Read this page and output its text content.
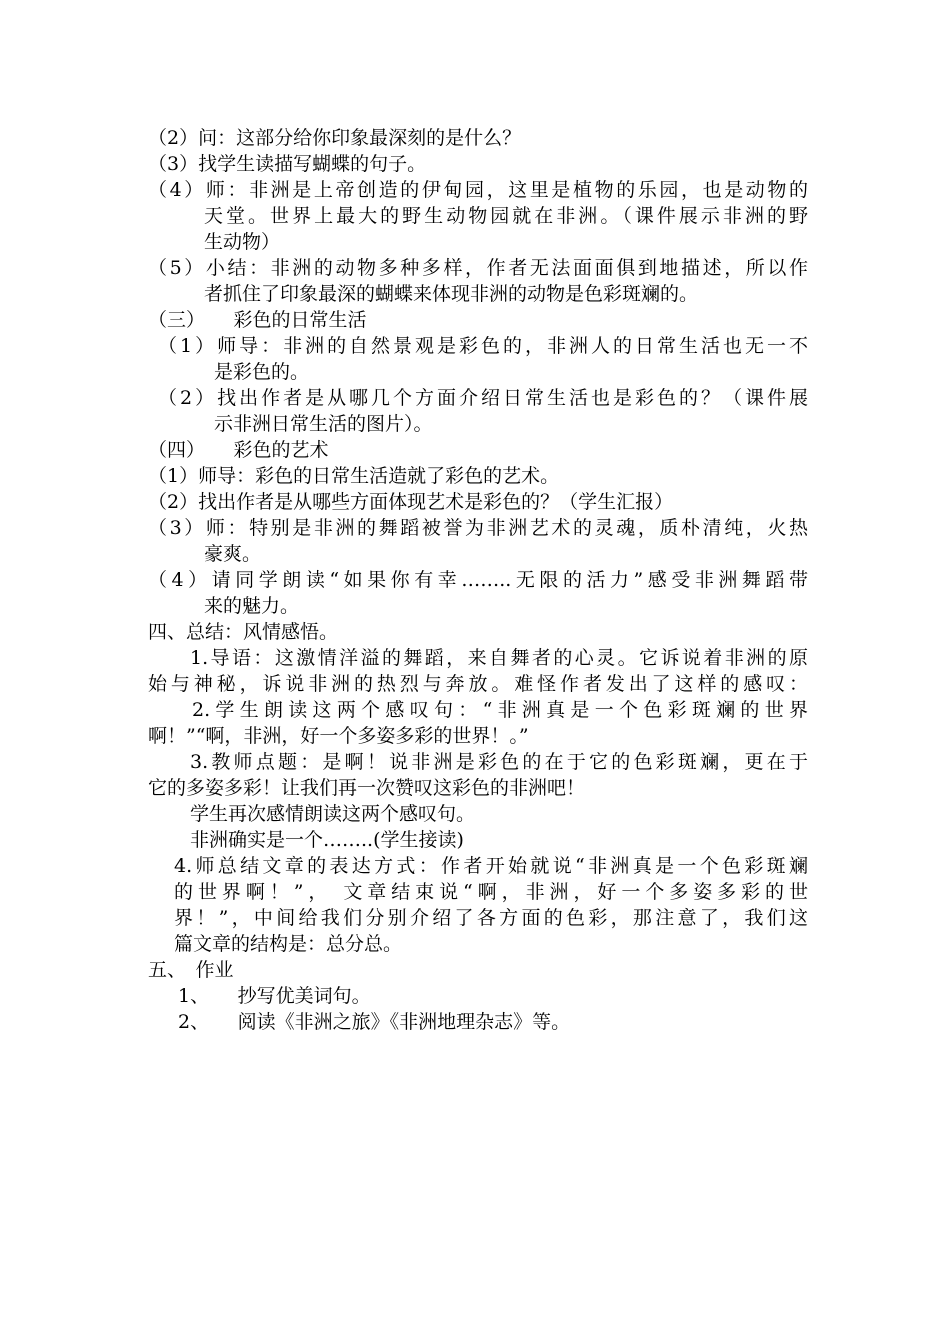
（2）问：这部分给你印象最深刻的是什么？
（3）找学生读描写蝴蝶的句子。
（4）师：非洲是上帝创造的伊甸园，这里是植物的乐园，也是动物的
天堂。世界上最大的野生动物园就在非洲。（课件展示非洲的野
生动物）
（5）小结：非洲的动物多种多样，作者无法面面俱到地描述，所以作
者抓住了印象最深的蝴蝶来体现非洲的动物是色彩斑斓的。
（三）　　彩色的日常生活
（1）师导：非洲的自然景观是彩色的，非洲人的日常生活也无一不
是彩色的。
（2）找出作者是从哪几个方面介绍日常生活也是彩色的？（课件展
示非洲日常生活的图片）。
（四）　　彩色的艺术
（1）师导：彩色的日常生活造就了彩色的艺术。
（2）找出作者是从哪些方面体现艺术是彩色的？（学生汇报）
（3）师：特别是非洲的舞蹈被誉为非洲艺术的灵魂，质朴清纯，火热
豪爽。
（4）请同学朗读“如果你有幸……..无限的活力”感受非洲舞蹈带
来的魅力。
四、总结：风情感悟。
1.导语：这激情洋溢的舞蹈，来自舞者的心灵。它诉说着非洲的原
始与神秘，诉说非洲的热烈与奔放。难怪作者发出了这样的感叹：
2.学生朗读这两个感叹句：“非洲真是一个色彩斑斓的世界
啊！”“啊，非洲，好一个多姿多彩的世界！。”
3.教师点题：是啊！说非洲是彩色的在于它的色彩斑斓，更在于
它的多姿多彩！让我们再一次赞叹这彩色的非洲吧！
学生再次感情朗读这两个感叹句。
非洲确实是一个……..(学生接读)
4.师总结文章的表达方式：作者开始就说“非洲真是一个色彩斑斓
的世界啊！”， 文章结束说“啊，非洲，好一个多姿多彩的世
界！”，中间给我们分别介绍了各方面的色彩，那注意了，我们这
篇文章的结构是：总分总。
五、　作业
1、　　抄写优美词句。
2、　　阅读《非洲之旅》《非洲地理杂志》等。
